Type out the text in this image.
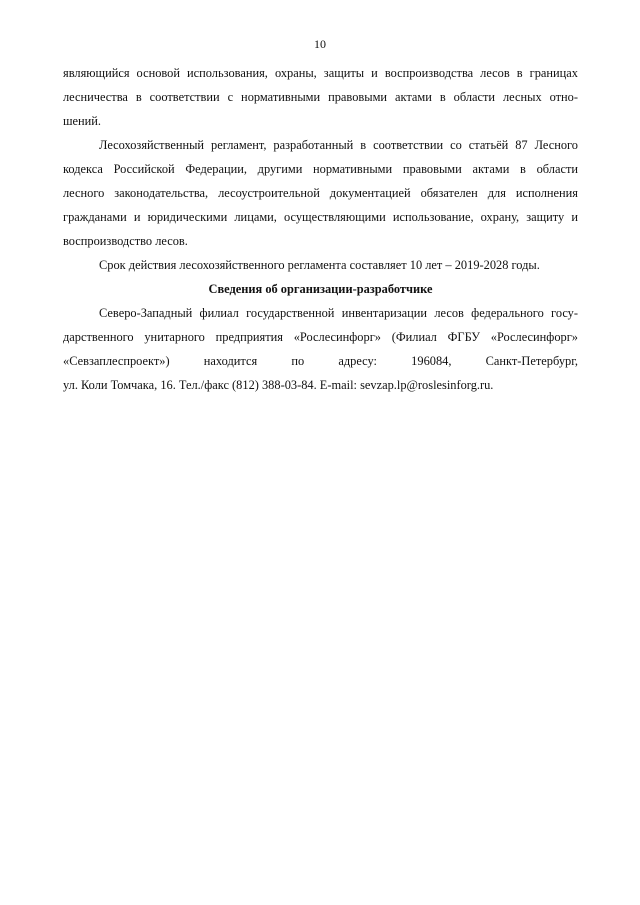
10
являющийся основой использования, охраны, защиты и воспроизводства лесов в границах
лесничества в соответствии с нормативными правовыми актами в области лесных отно-
шений.
Лесохозяйственный регламент, разработанный в соответствии со статьёй 87 Лесного
кодекса Российской Федерации, другими нормативными правовыми актами в области
лесного законодательства, лесоустроительной документацией обязателен для исполнения
гражданами и юридическими лицами, осуществляющими использование, охрану, защиту и
воспроизводство лесов.
Срок действия лесохозяйственного регламента составляет 10 лет – 2019-2028 годы.
Сведения об организации-разработчике
Северо-Западный филиал государственной инвентаризации лесов федерального госу-
дарственного унитарного предприятия «Рослесинфорг» (Филиал ФГБУ «Рослесинфорг»
«Севзаплеспроект») находится по адресу: 196084, Санкт-Петербург,
ул. Коли Томчака, 16. Тел./факс (812) 388-03-84. E-mail: sevzap.lp@roslesinforg.ru.
